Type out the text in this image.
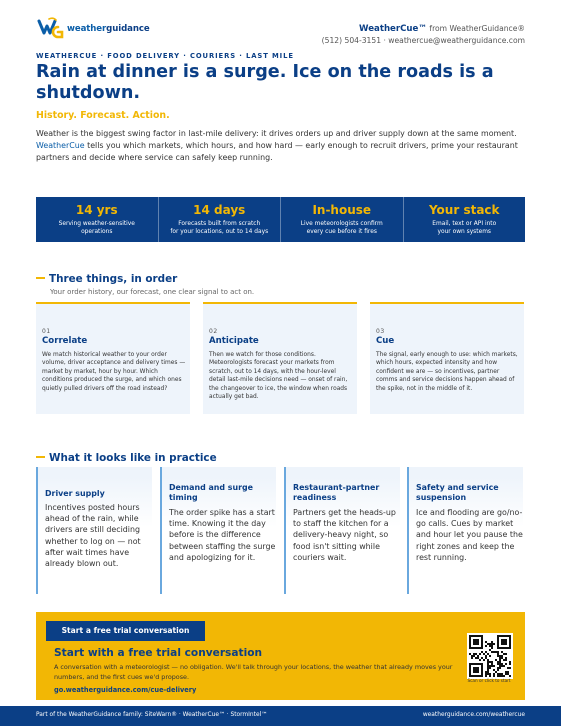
weatherguidance	WeatherCue™ from WeatherGuidance®
(512) 504-3151 · weathercue@weatherguidance.com
WEATHERCUE · FOOD DELIVERY · COURIERS · LAST MILE
Rain at dinner is a surge. Ice on the roads is a shutdown.
History. Forecast. Action.

Weather is the biggest swing factor in last-mile delivery: it drives orders up and driver supply down at the same moment. WeatherCue tells you which markets, which hours, and how hard — early enough to recruit drivers, prime your restaurant partners and decide where service can safely keep running.

14 yrs
Serving weather-sensitive
operations
14 days
Forecasts built from scratch
for your locations, out to 14 days
In-house
Live meteorologists confirm
every cue before it fires
Your stack
Email, text or API into
your own systems
Three things, in order
Your order history, our forecast, one clear signal to act on.
01
Correlate

We match historical weather to your order volume, driver acceptance and delivery times — market by market, hour by hour. Which conditions produced the surge, and which ones quietly pulled drivers off the road instead?

02
Anticipate

Then we watch for those conditions. Meteorologists forecast your markets from scratch, out to 14 days, with the hour-level detail last-mile decisions need — onset of rain, the changeover to ice, the window when roads actually get bad.

03
Cue

The signal, early enough to use: which markets, which hours, expected intensity and how confident we are — so incentives, partner comms and service decisions happen ahead of the spike, not in the middle of it.

What it looks like in practice
Driver supply

Incentives posted hours ahead of the rain, while drivers are still deciding whether to log on — not after wait times have already blown out.

Demand and surge timing

The order spike has a start time. Knowing it the day before is the difference between staffing the surge and apologizing for it.

Restaurant-partner readiness

Partners get the heads-up to staff the kitchen for a delivery-heavy night, so food isn't sitting while couriers wait.

Safety and service suspension

Ice and flooding are go/no-go calls. Cues by market and hour let you pause the right zones and keep the rest running.

Start a free trial conversation
Start with a free trial conversation

A conversation with a meteorologist — no obligation. We'll talk through your locations, the weather that already moves your numbers, and the first cues we'd propose.

go.weatherguidance.com/cue-delivery
Scan or click to start
Part of the WeatherGuidance family: SiteWarn® · WeatherCue™ · StormIntel™	weatherguidance.com/weathercue
